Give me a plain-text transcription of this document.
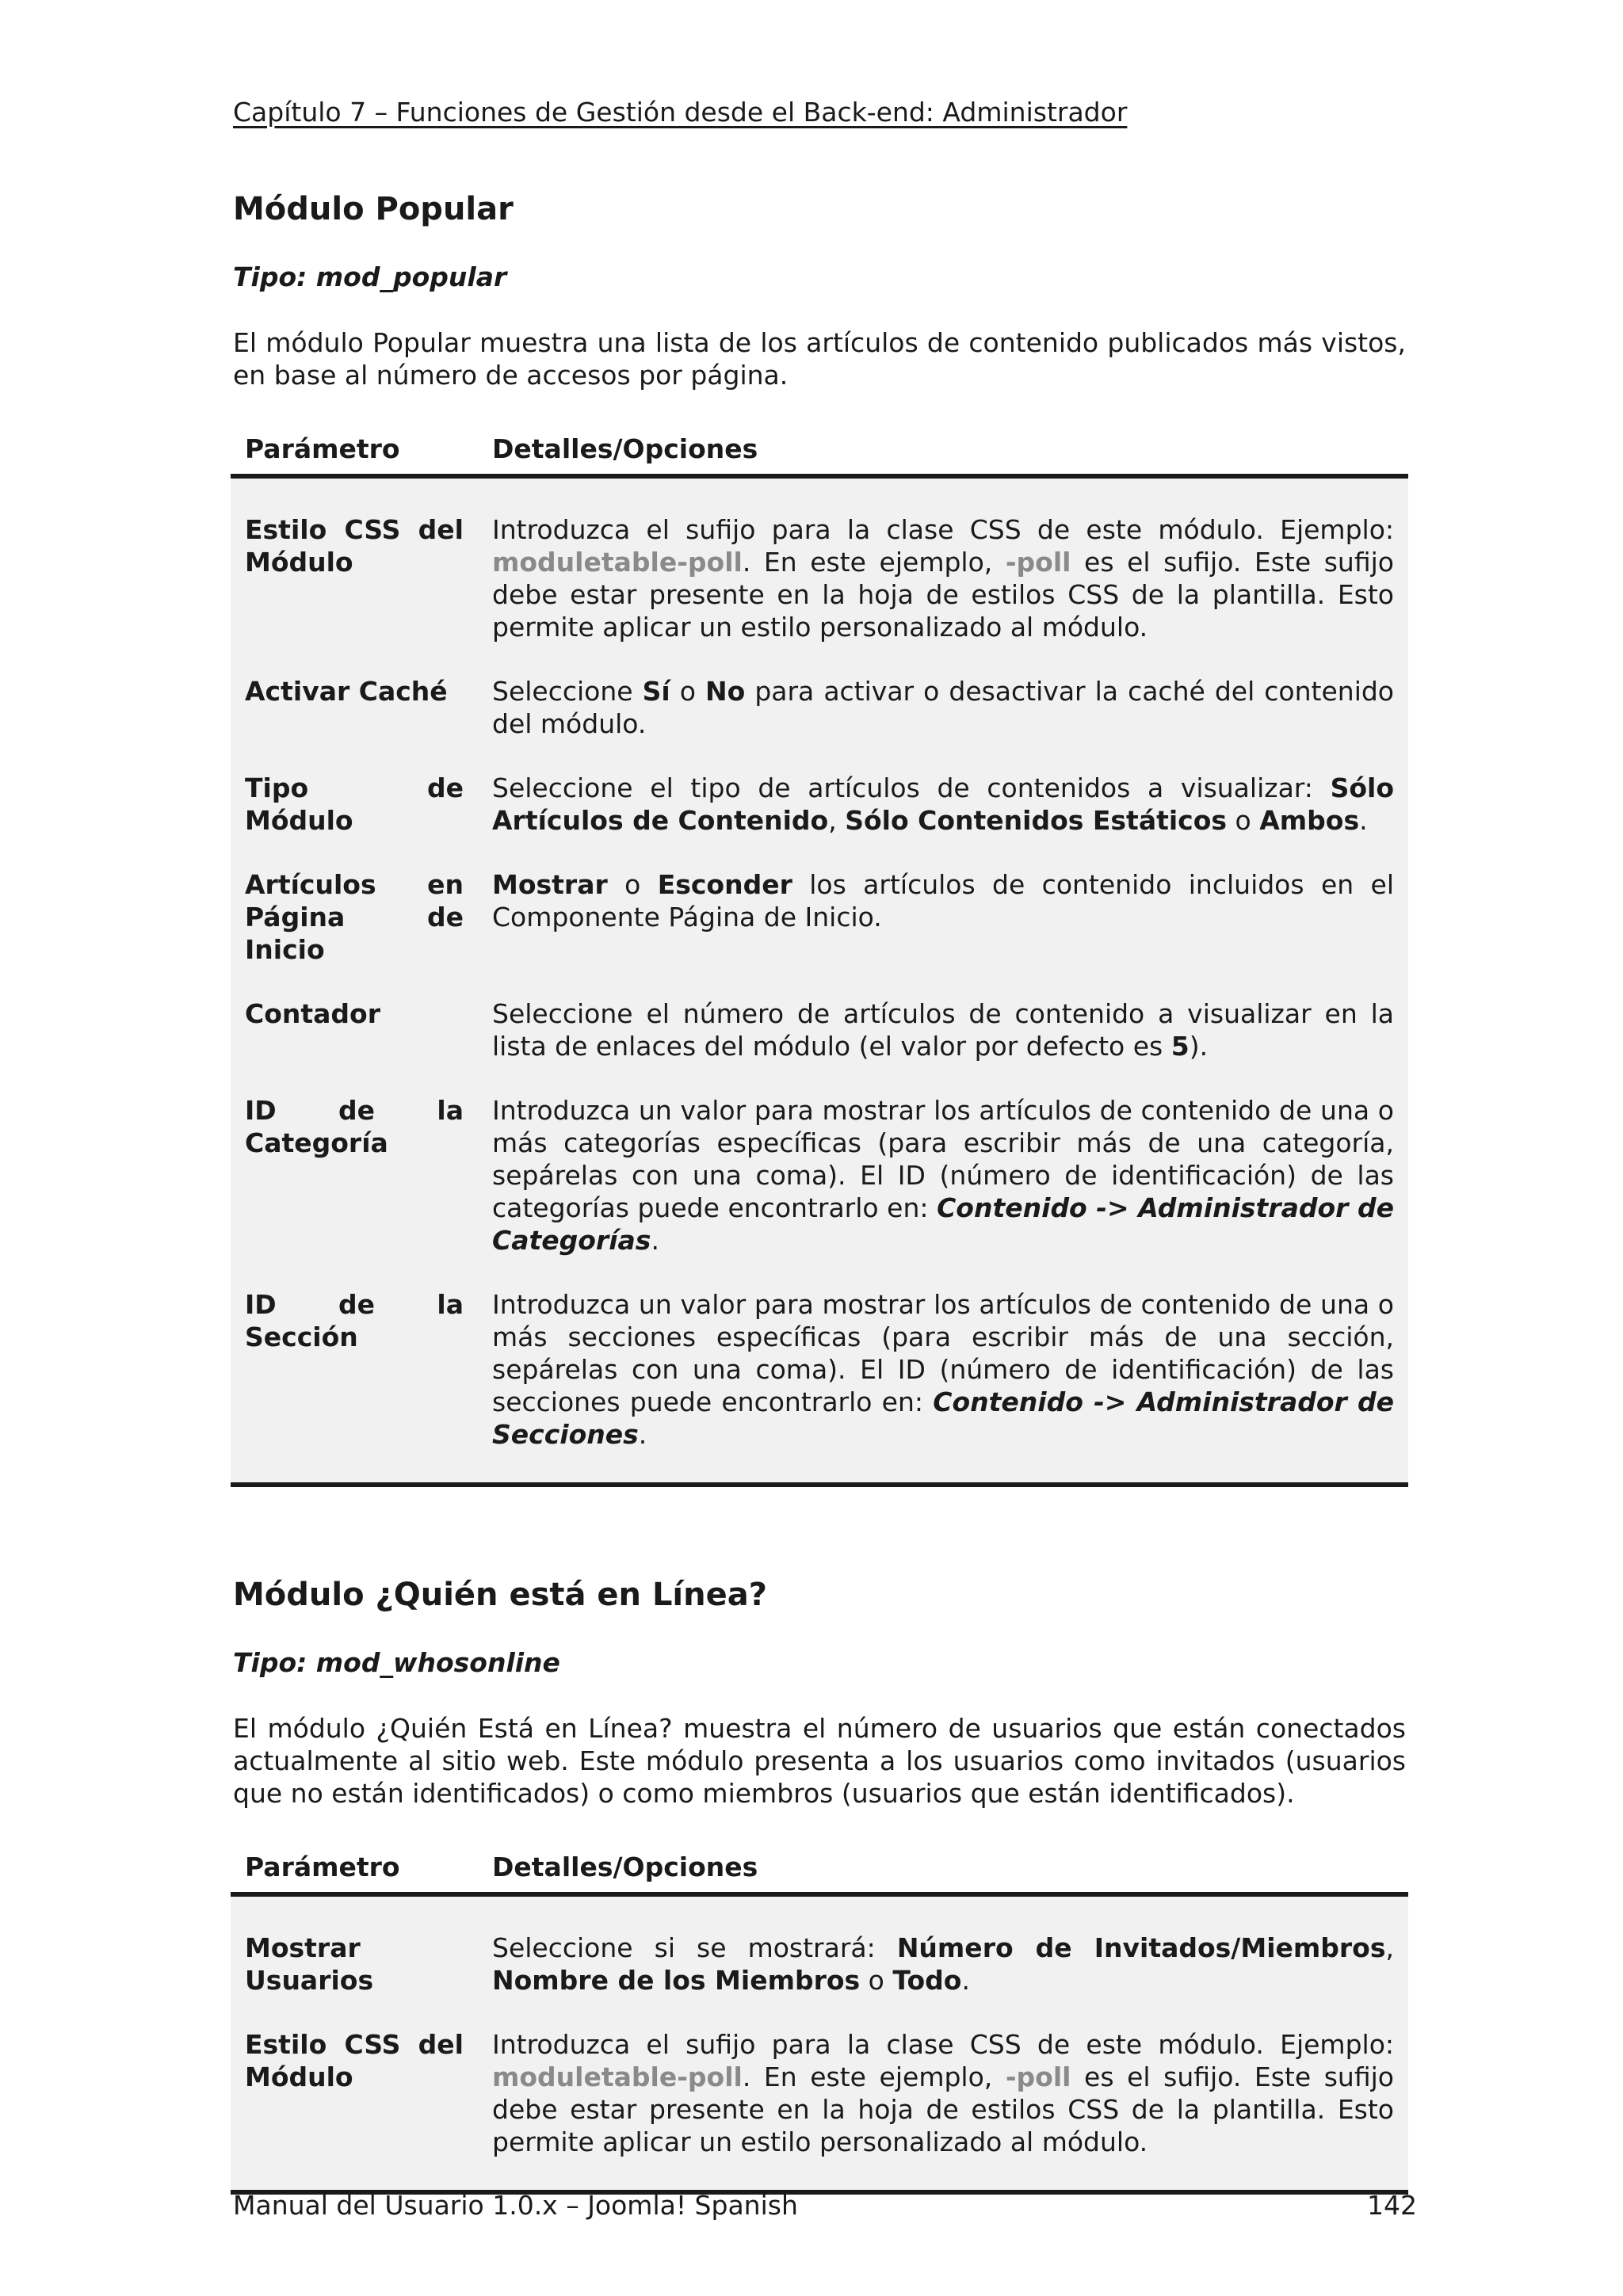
Capítulo 7 – Funciones de Gestión desde el Back-end: Administrador
Módulo Popular

Tipo: mod_popular

El módulo Popular muestra una lista de los artículos de contenido publicados más vistos, en base al número de accesos por página.

Parámetro	Detalles/Opciones
Estilo CSS del Módulo	Introduzca el sufijo para la clase CSS de este módulo. Ejemplo: moduletable-poll. En este ejemplo, -poll es el sufijo. Este sufijo debe estar presente en la hoja de estilos CSS de la plantilla. Esto permite aplicar un estilo personalizado al módulo.
Activar Caché	Seleccione Sí o No para activar o desactivar la caché del contenido del módulo.
Tipo de Módulo	Seleccione el tipo de artículos de contenidos a visualizar: Sólo Artículos de Contenido, Sólo Contenidos Estáticos o Ambos.
Artículos en Página de Inicio	Mostrar o Esconder los artículos de contenido incluidos en el Componente Página de Inicio.
Contador	Seleccione el número de artículos de contenido a visualizar en la lista de enlaces del módulo (el valor por defecto es 5).
ID de la Categoría	Introduzca un valor para mostrar los artículos de contenido de una o más categorías específicas (para escribir más de una categoría, sepárelas con una coma). El ID (número de identificación) de las categorías puede encontrarlo en: Contenido -> Administrador de Categorías.
ID de la Sección	Introduzca un valor para mostrar los artículos de contenido de una o más secciones específicas (para escribir más de una sección, sepárelas con una coma). El ID (número de identificación) de las secciones puede encontrarlo en: Contenido -> Administrador de Secciones.
Módulo ¿Quién está en Línea?

Tipo: mod_whosonline

El módulo ¿Quién Está en Línea? muestra el número de usuarios que están conectados actualmente al sitio web. Este módulo presenta a los usuarios como invitados (usuarios que no están identificados) o como miembros (usuarios que están identificados).

Parámetro	Detalles/Opciones
Mostrar Usuarios	Seleccione si se mostrará: Número de Invitados/Miembros, Nombre de los Miembros o Todo.
Estilo CSS del Módulo	Introduzca el sufijo para la clase CSS de este módulo. Ejemplo: moduletable-poll. En este ejemplo, -poll es el sufijo. Este sufijo debe estar presente en la hoja de estilos CSS de la plantilla. Esto permite aplicar un estilo personalizado al módulo.
Manual del Usuario 1.0.x – Joomla! Spanish	142
